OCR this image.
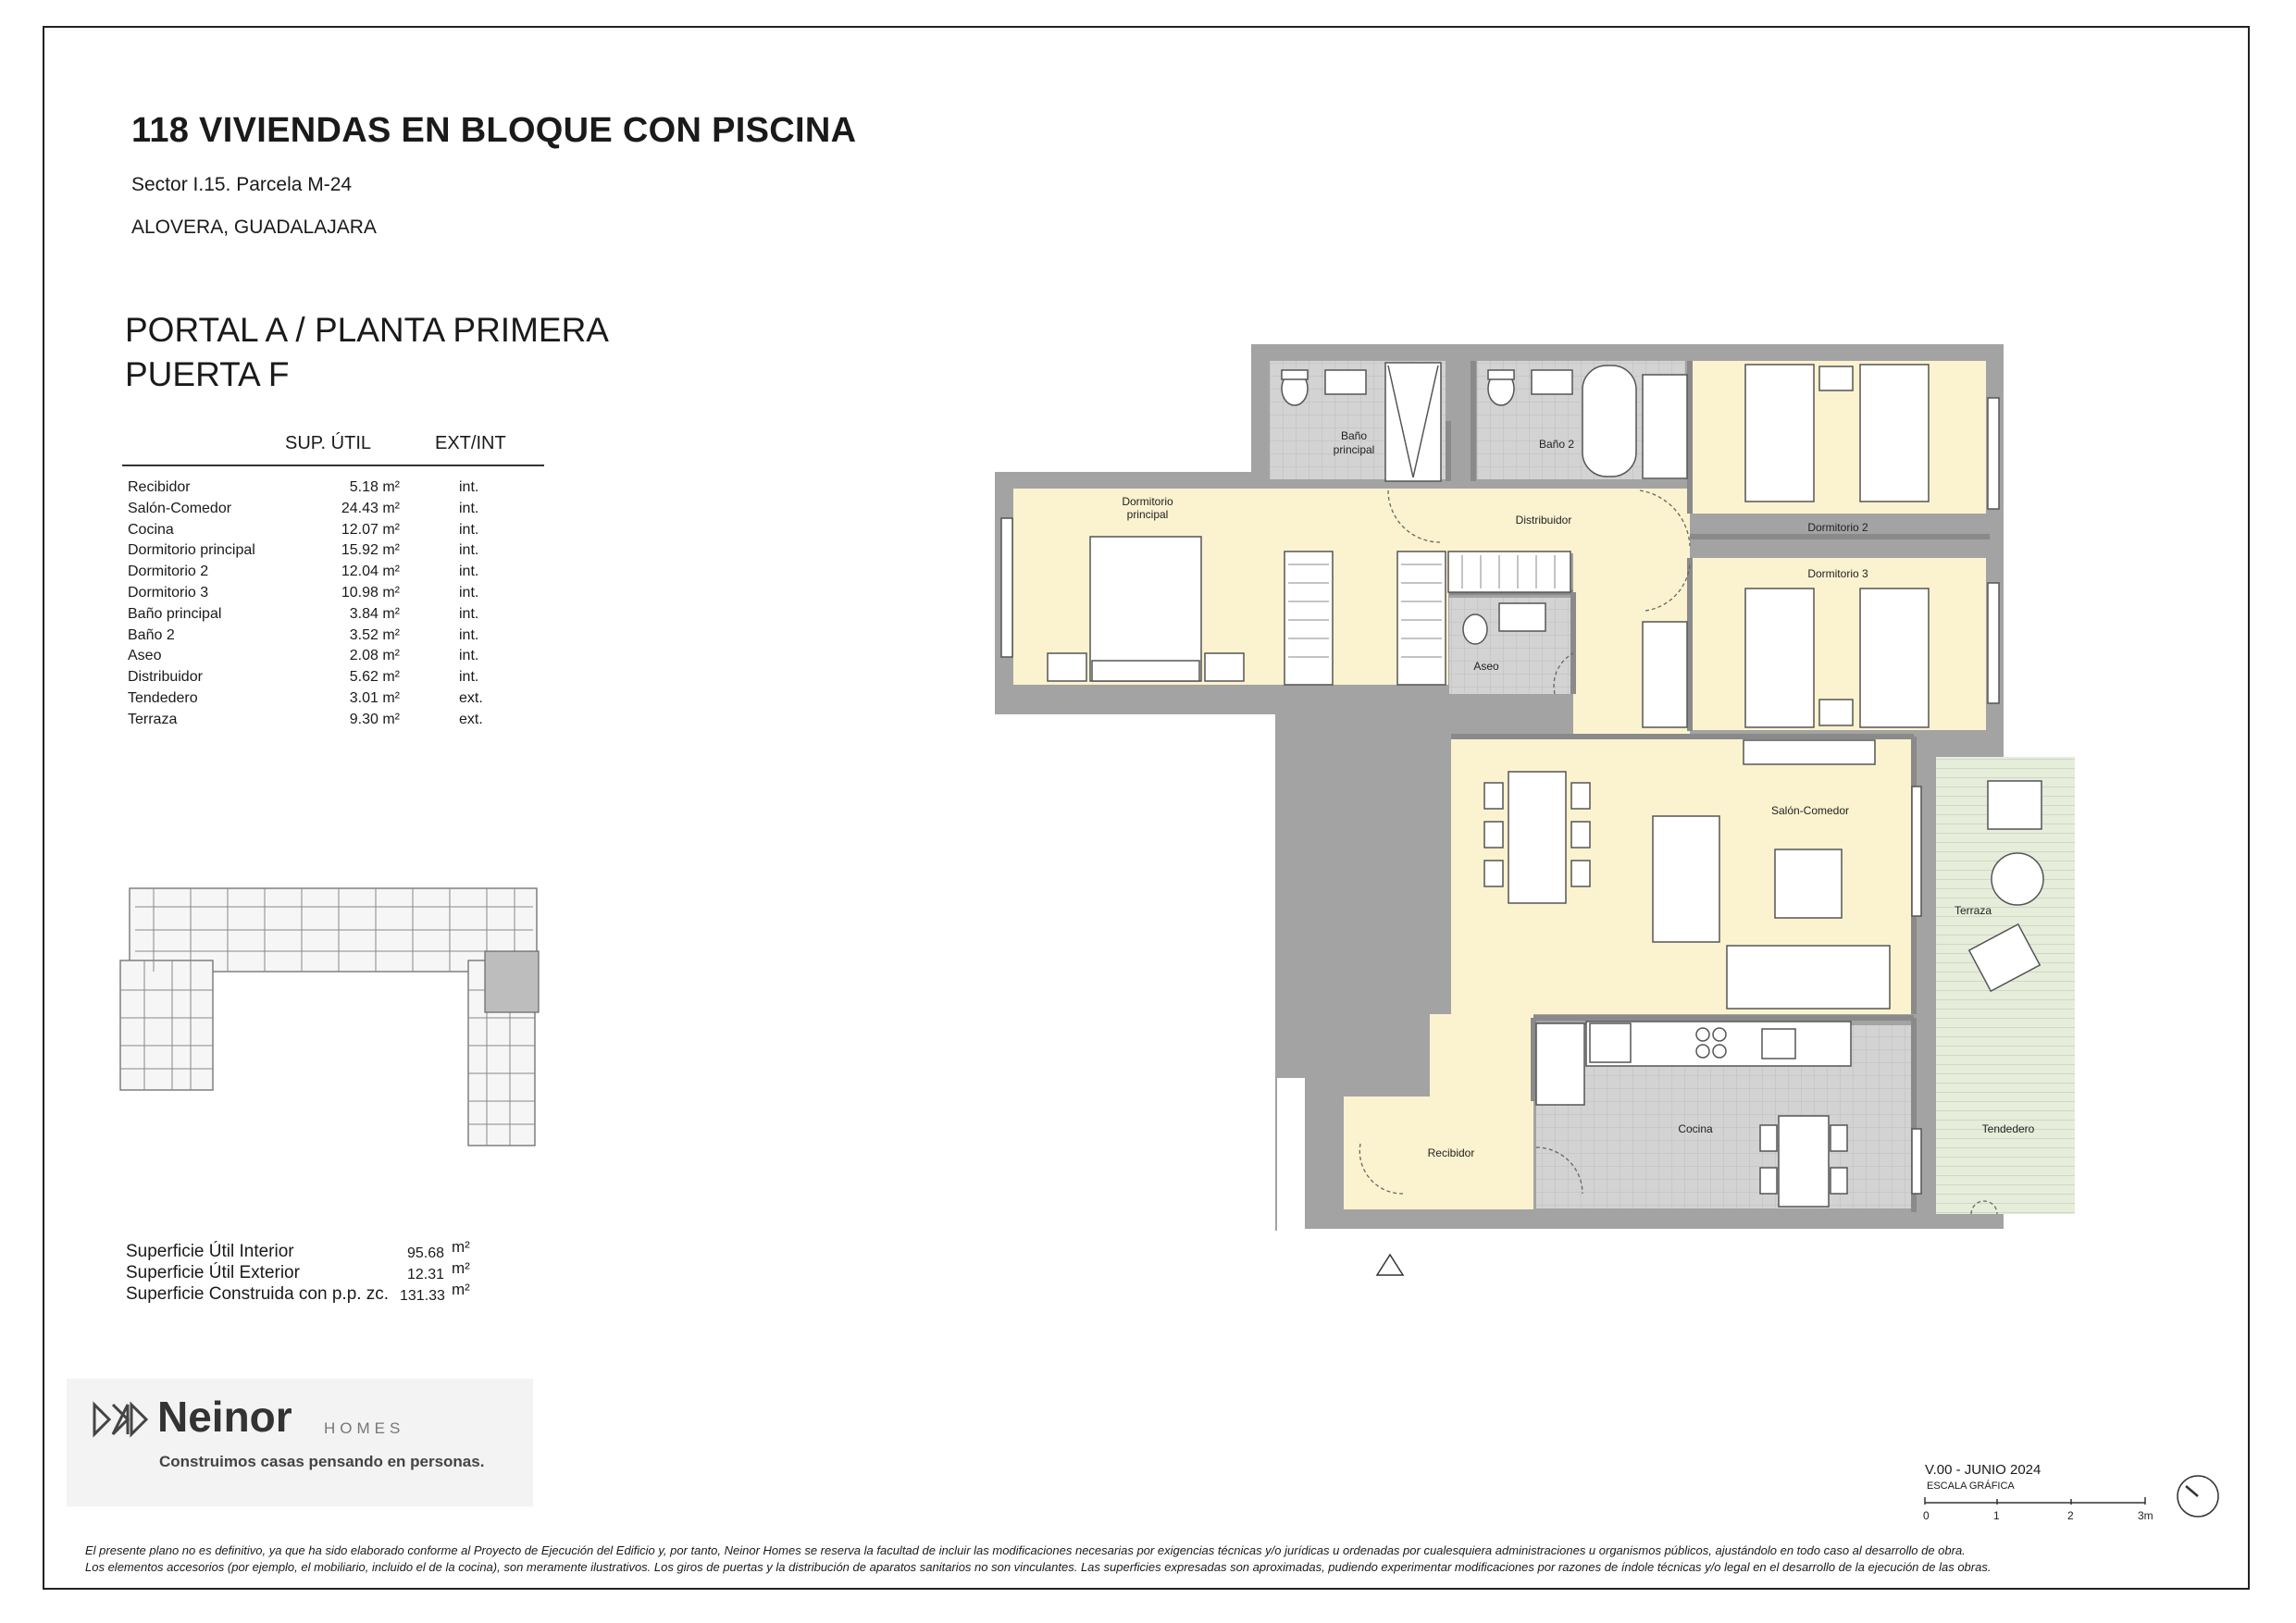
118 VIVIENDAS EN BLOQUE CON PISCINA
Sector I.15. Parcela M-24
ALOVERA, GUADALAJARA
PORTAL A / PLANTA PRIMERA
PUERTA F
SUP. ÚTIL	EXT/INT
Recibidor	5.18 m²	int.
Salón-Comedor	24.43 m²	int.
Cocina	12.07 m²	int.
Dormitorio principal	15.92 m²	int.
Dormitorio 2	12.04 m²	int.
Dormitorio 3	10.98 m²	int.
Baño principal	3.84 m²	int.
Baño 2	3.52 m²	int.
Aseo	2.08 m²	int.
Distribuidor	5.62 m²	int.
Tendedero	3.01 m²	ext.
Terraza	9.30 m²	ext.
Superficie Útil Interior	95.68 m²
Superficie Útil Exterior	12.31 m²
Superficie Construida con p.p. zc. 131.33 m²
Neinor HOMES
Construimos casas pensando en personas.	V.00 - JUNIO 2024
ESCALA GRÁFICA
0	1	2	3m
El presente plano no es definitivo, ya que ha sido elaborado conforme al Proyecto de Ejecución del Edificio y, por tanto, Neinor Homes se reserva la facultad de incluir las modificaciones necesarias por exigencias técnicas y/o jurídicas u ordenadas por cualesquiera administraciones u organismos públicos, ajustándolo en todo caso al desarrollo de obra.
Los elementos accesorios (por ejemplo, el mobiliario, incluido el de la cocina), son meramente ilustrativos. Los giros de puertas y la distribución de aparatos sanitarios no son vinculantes. Las superficies expresadas son aproximadas, pudiendo experimentar modificaciones por razones de índole técnicas y/o legal en el desarrollo de la ejecución de las obras.
Baño
principal	Baño 2
Dormitorio
principal	Distribuidor
Dormitorio 2
Dormitorio 3
Aseo
Salón-Comedor
Terraza
Cocina
Recibidor
Tendedero
